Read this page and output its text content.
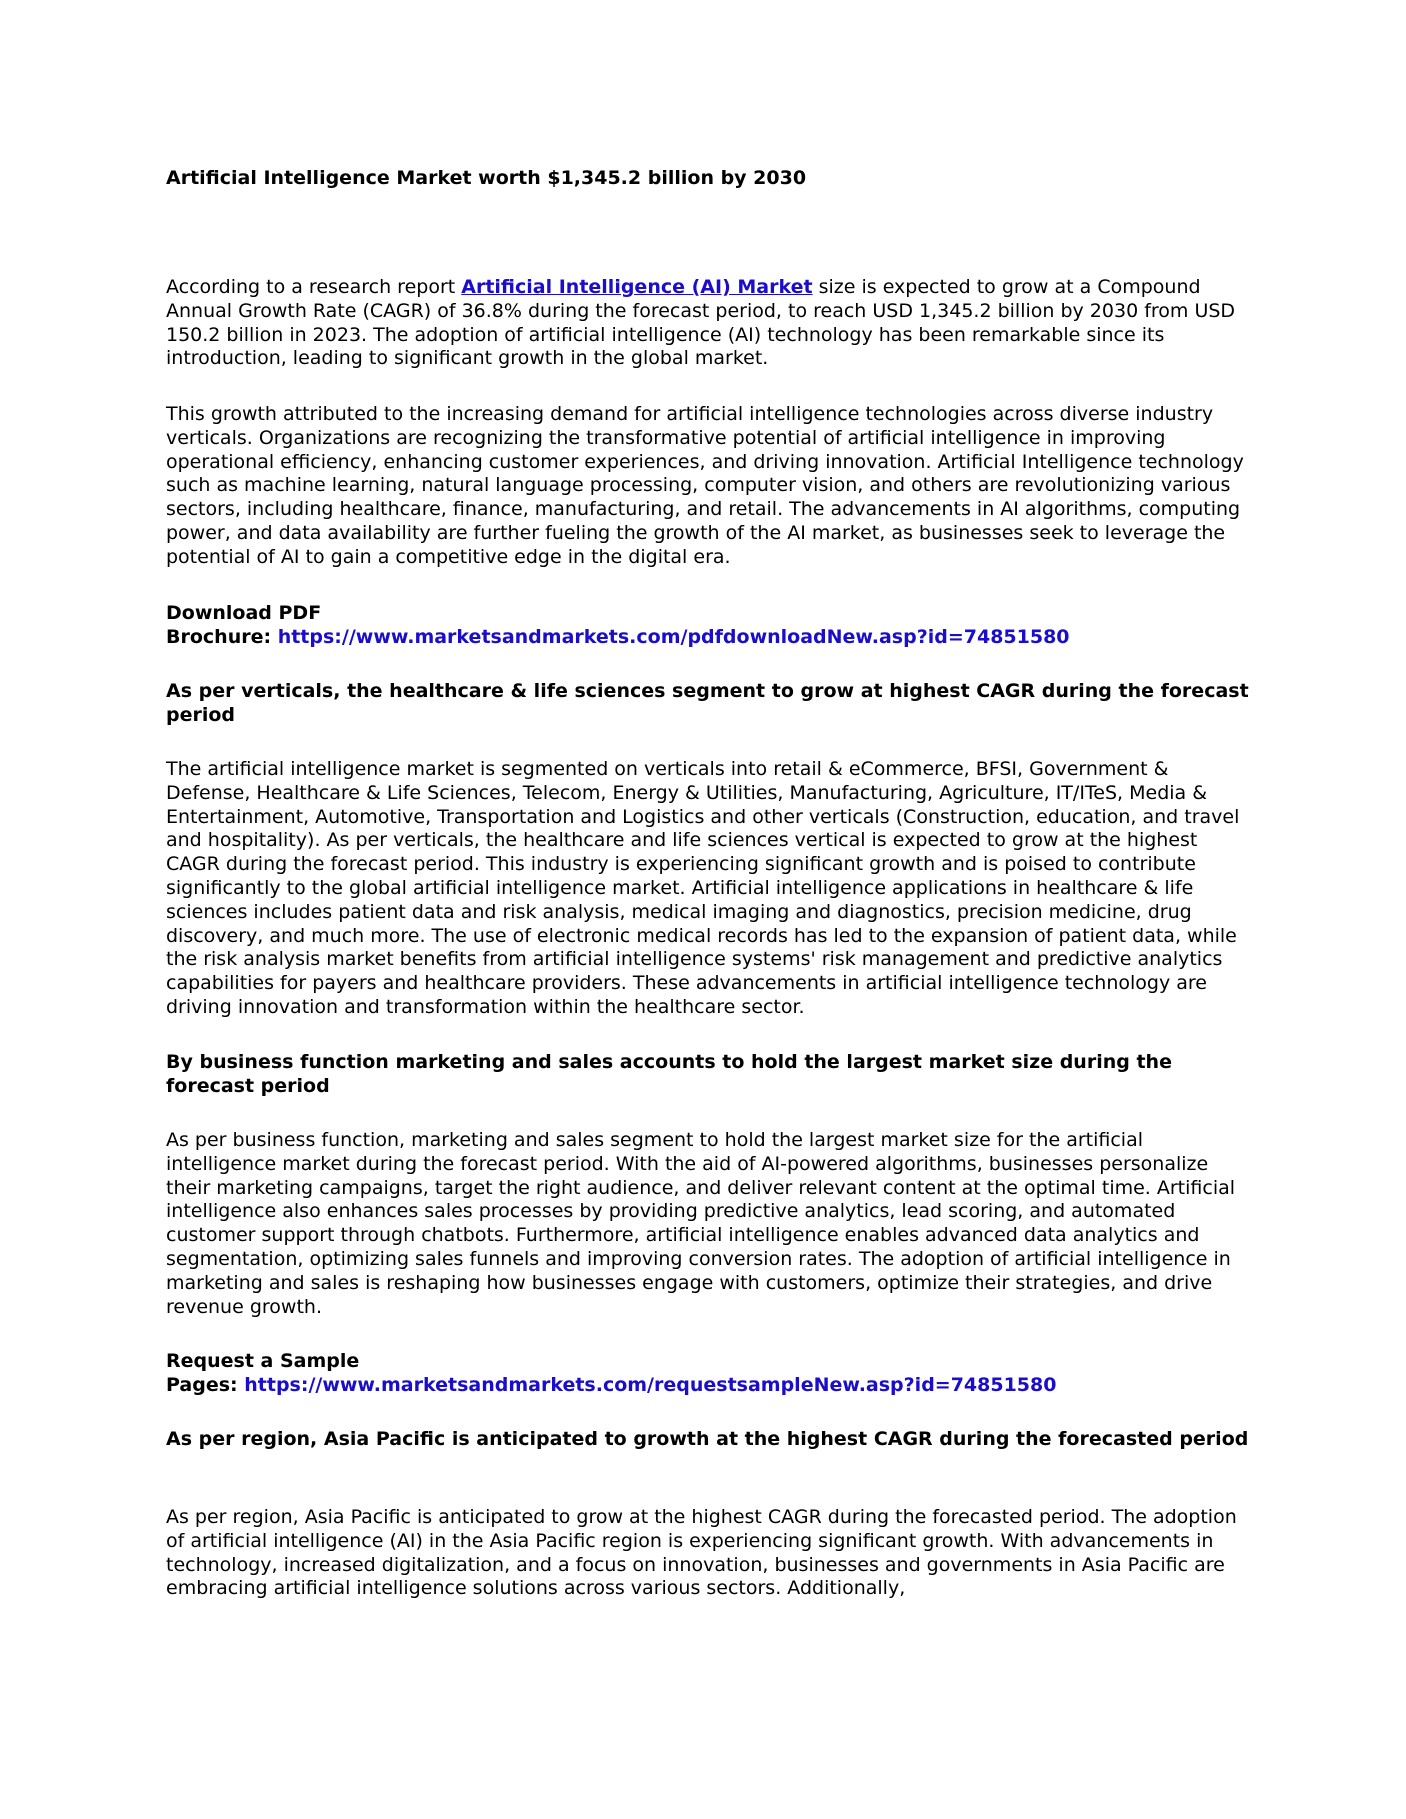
Artificial Intelligence Market worth $1,345.2 billion by 2030

According to a research report Artificial Intelligence (AI) Market size is expected to grow at a Compound Annual Growth Rate (CAGR) of 36.8% during the forecast period, to reach USD 1,345.2 billion by 2030 from USD 150.2 billion in 2023. The adoption of artificial intelligence (AI) technology has been remarkable since its introduction, leading to significant growth in the global market.

This growth attributed to the increasing demand for artificial intelligence technologies across diverse industry verticals. Organizations are recognizing the transformative potential of artificial intelligence in improving operational efficiency, enhancing customer experiences, and driving innovation. Artificial Intelligence technology such as machine learning, natural language processing, computer vision, and others are revolutionizing various sectors, including healthcare, finance, manufacturing, and retail. The advancements in AI algorithms, computing power, and data availability are further fueling the growth of the AI market, as businesses seek to leverage the potential of AI to gain a competitive edge in the digital era.

Download PDF
Brochure: https://www.marketsandmarkets.com/pdfdownloadNew.asp?id=74851580

As per verticals, the healthcare & life sciences segment to grow at highest CAGR during the forecast period

The artificial intelligence market is segmented on verticals into retail & eCommerce, BFSI, Government & Defense, Healthcare & Life Sciences, Telecom, Energy & Utilities, Manufacturing, Agriculture, IT/ITeS, Media & Entertainment, Automotive, Transportation and Logistics and other verticals (Construction, education, and travel and hospitality). As per verticals, the healthcare and life sciences vertical is expected to grow at the highest CAGR during the forecast period. This industry is experiencing significant growth and is poised to contribute significantly to the global artificial intelligence market. Artificial intelligence applications in healthcare & life sciences includes patient data and risk analysis, medical imaging and diagnostics, precision medicine, drug discovery, and much more. The use of electronic medical records has led to the expansion of patient data, while the risk analysis market benefits from artificial intelligence systems' risk management and predictive analytics capabilities for payers and healthcare providers. These advancements in artificial intelligence technology are driving innovation and transformation within the healthcare sector.

By business function marketing and sales accounts to hold the largest market size during the forecast period

As per business function, marketing and sales segment to hold the largest market size for the artificial intelligence market during the forecast period. With the aid of AI-powered algorithms, businesses personalize their marketing campaigns, target the right audience, and deliver relevant content at the optimal time. Artificial intelligence also enhances sales processes by providing predictive analytics, lead scoring, and automated customer support through chatbots. Furthermore, artificial intelligence enables advanced data analytics and segmentation, optimizing sales funnels and improving conversion rates. The adoption of artificial intelligence in marketing and sales is reshaping how businesses engage with customers, optimize their strategies, and drive revenue growth.

Request a Sample
Pages: https://www.marketsandmarkets.com/requestsampleNew.asp?id=74851580

As per region, Asia Pacific is anticipated to growth at the highest CAGR during the forecasted period

As per region, Asia Pacific is anticipated to grow at the highest CAGR during the forecasted period. The adoption of artificial intelligence (AI) in the Asia Pacific region is experiencing significant growth. With advancements in technology, increased digitalization, and a focus on innovation, businesses and governments in Asia Pacific are embracing artificial intelligence solutions across various sectors. Additionally,
